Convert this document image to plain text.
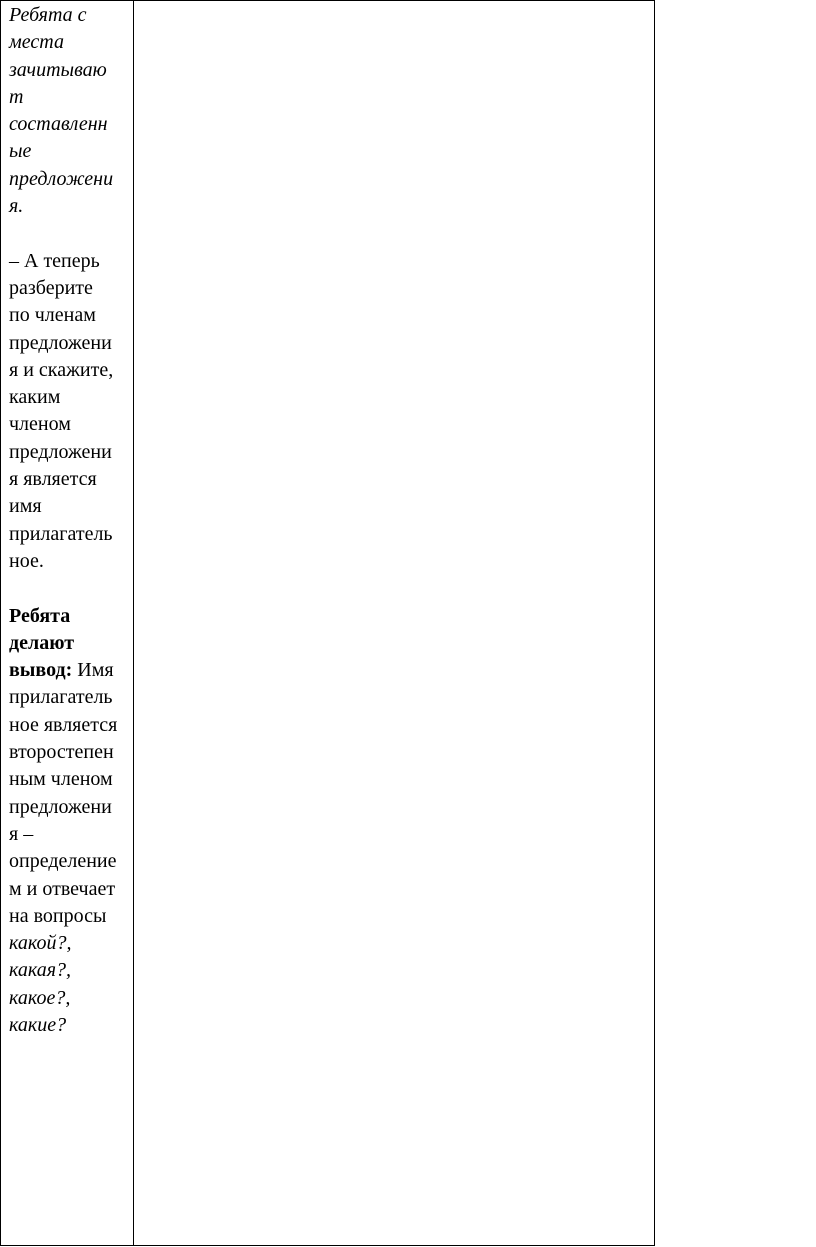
Ребята с
места
зачитываю
т
составленн
ые
предложени
я.
– А теперь
разберите
по членам
предложени
я и скажите,
каким
членом
предложени
я является
имя
прилагатель
ное.
Ребята
делают
вывод: Имя
прилагатель
ное является
второстепен
ным членом
предложени
я –
определение
м и отвечает
на вопросы
какой?,
какая?,
какое?,
какие?
